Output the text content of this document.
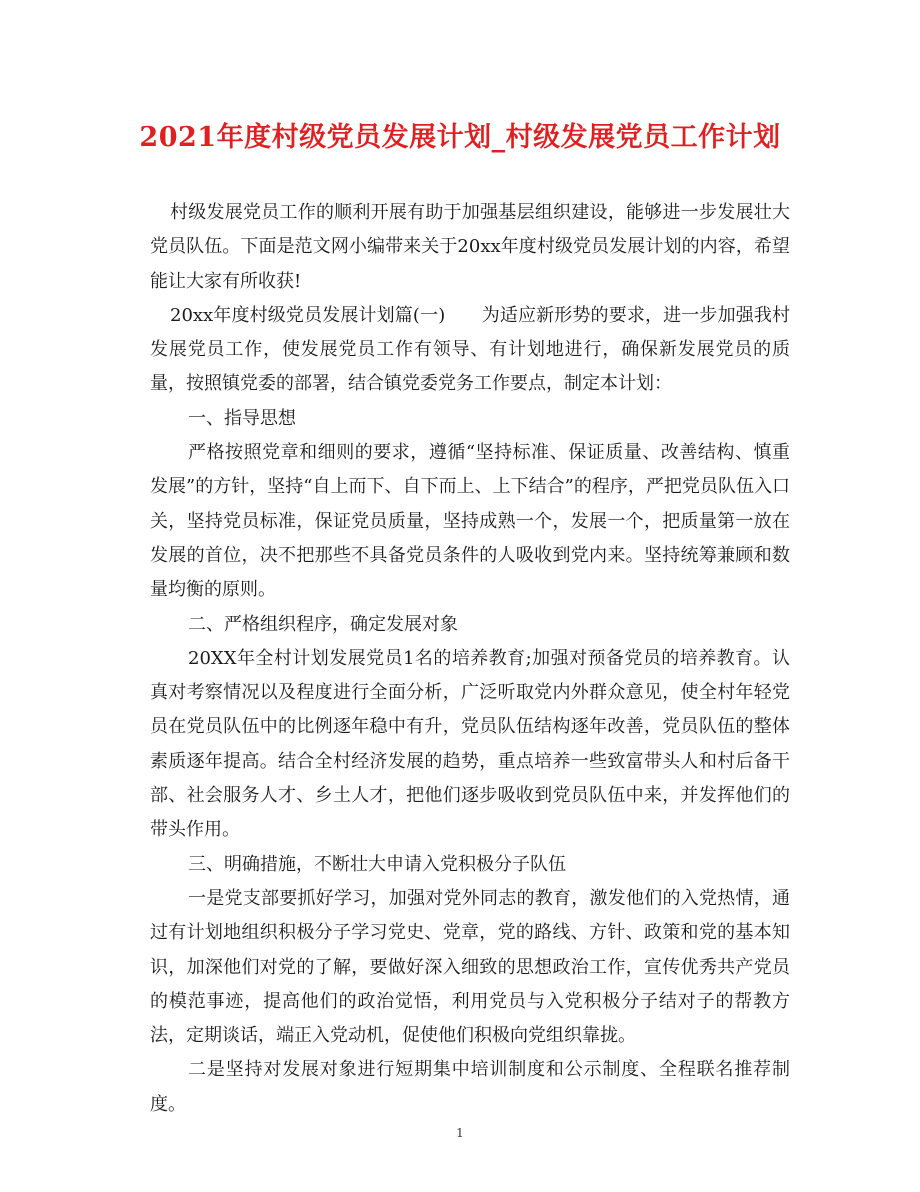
2021年度村级党员发展计划_村级发展党员工作计划

村级发展党员工作的顺利开展有助于加强基层组织建设，能够进一步发展壮大党员队伍。下面是范文网小编带来关于20xx年度村级党员发展计划的内容，希望能让大家有所收获!

20xx年度村级党员发展计划篇(一)　　为适应新形势的要求，进一步加强我村发展党员工作，使发展党员工作有领导、有计划地进行，确保新发展党员的质量，按照镇党委的部署，结合镇党委党务工作要点，制定本计划：

一、指导思想

严格按照党章和细则的要求，遵循“坚持标准、保证质量、改善结构、慎重发展”的方针，坚持“自上而下、自下而上、上下结合”的程序，严把党员队伍入口关，坚持党员标准，保证党员质量，坚持成熟一个，发展一个，把质量第一放在发展的首位，决不把那些不具备党员条件的人吸收到党内来。坚持统筹兼顾和数量均衡的原则。

二、严格组织程序，确定发展对象

20XX年全村计划发展党员1名的培养教育;加强对预备党员的培养教育。认真对考察情况以及程度进行全面分析，广泛听取党内外群众意见，使全村年轻党员在党员队伍中的比例逐年稳中有升，党员队伍结构逐年改善，党员队伍的整体素质逐年提高。结合全村经济发展的趋势，重点培养一些致富带头人和村后备干部、社会服务人才、乡土人才，把他们逐步吸收到党员队伍中来，并发挥他们的带头作用。

三、明确措施，不断壮大申请入党积极分子队伍

一是党支部要抓好学习，加强对党外同志的教育，激发他们的入党热情，通过有计划地组织积极分子学习党史、党章，党的路线、方针、政策和党的基本知识，加深他们对党的了解，要做好深入细致的思想政治工作，宣传优秀共产党员的模范事迹，提高他们的政治觉悟，利用党员与入党积极分子结对子的帮教方法，定期谈话，端正入党动机，促使他们积极向党组织靠拢。

二是坚持对发展对象进行短期集中培训制度和公示制度、全程联名推荐制度。

1
